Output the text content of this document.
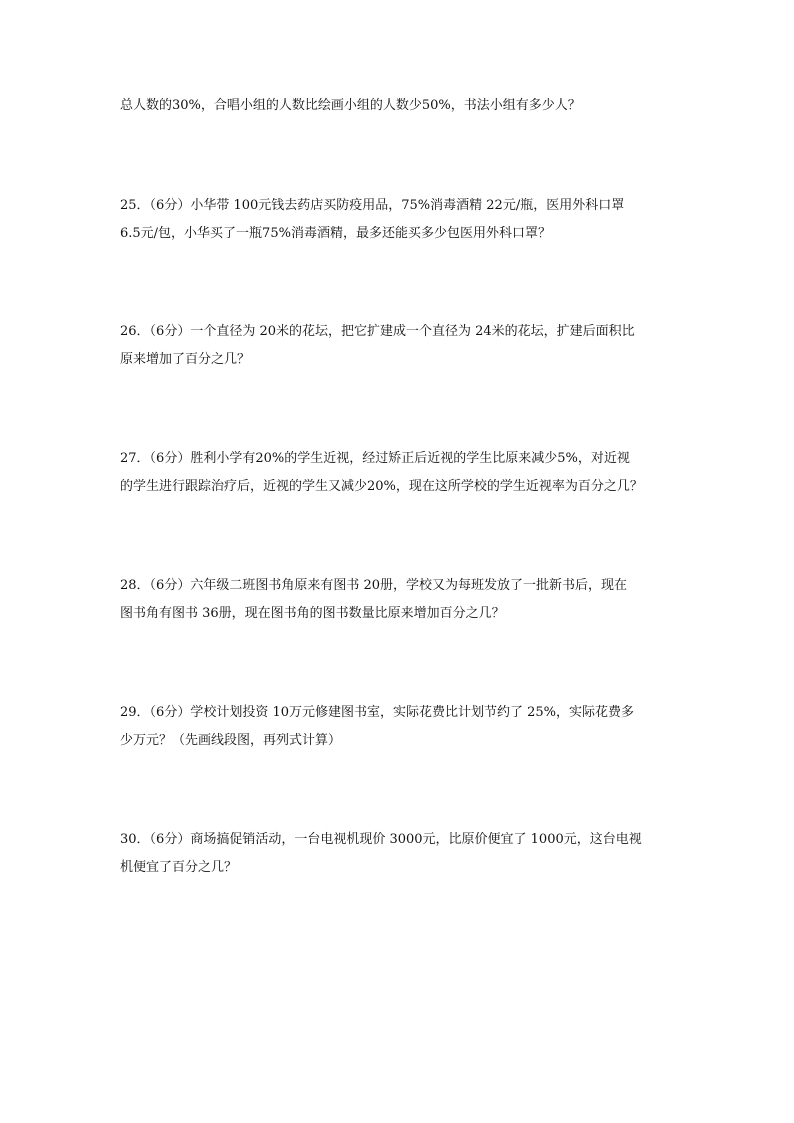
总人数的30%，合唱小组的人数比绘画小组的人数少50%，书法小组有多少人？
25．（6分）小华带 100元钱去药店买防疫用品，75%消毒酒精 22元/瓶，医用外科口罩
6.5元/包，小华买了一瓶75%消毒酒精，最多还能买多少包医用外科口罩？
26．（6分）一个直径为 20米的花坛，把它扩建成一个直径为 24米的花坛，扩建后面积比
原来增加了百分之几？
27．（6分）胜利小学有20%的学生近视，经过矫正后近视的学生比原来减少5%，对近视
的学生进行跟踪治疗后，近视的学生又减少20%，现在这所学校的学生近视率为百分之几？
28．（6分）六年级二班图书角原来有图书 20册，学校又为每班发放了一批新书后，现在
图书角有图书 36册，现在图书角的图书数量比原来增加百分之几？
29．（6分）学校计划投资 10万元修建图书室，实际花费比计划节约了 25%，实际花费多
少万元？（先画线段图，再列式计算）
30．（6分）商场搞促销活动，一台电视机现价 3000元，比原价便宜了 1000元，这台电视
机便宜了百分之几？
